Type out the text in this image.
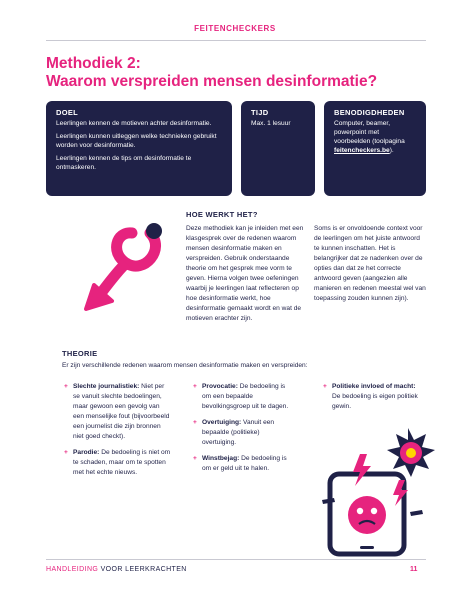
FEITENCHECKERS
Methodiek 2:
Waarom verspreiden mensen desinformatie?
DOEL

Leerlingen kennen de motieven achter desinformatie.

Leerlingen kunnen uitleggen welke technieken gebruikt worden voor desinformatie.

Leerlingen kennen de tips om desinformatie te ontmaskeren.

TIJD

Max. 1 lesuur

BENODIGDHEDEN

Computer, beamer, powerpoint met voorbeelden (toolpagina feitencheckers.be).

HOE WERKT HET?
Deze methodiek kan je inleiden met een klasgesprek over de redenen waarom mensen desinformatie maken en verspreiden. Gebruik onderstaande theorie om het gesprek mee vorm te geven. Hierna volgen twee oefeningen waarbij je leerlingen laat reflecteren op hoe desinformatie werkt, hoe desinformatie gemaakt wordt en wat de motieven erachter zijn.
Soms is er onvoldoende context voor de leerlingen om het juiste antwoord te kunnen inschatten. Het is belangrijker dat ze nadenken over de opties dan dat ze het correcte antwoord geven (aangezien alle manieren en redenen meestal wel van toepassing zouden kunnen zijn).
THEORIE
Er zijn verschillende redenen waarom mensen desinformatie maken en verspreiden:
+ Slechte journalistiek: Niet per se vanuit slechte bedoelingen, maar gewoon een gevolg van een menselijke fout (bijvoorbeeld een journelist die zijn bronnen niet goed checkt).
+ Parodie: De bedoeling is niet om te schaden, maar om te spotten met het echte nieuws.
+ Provocatie: De bedoeling is om een bepaalde bevolkingsgroep uit te dagen.
+ Overtuiging: Vanuit een bepaalde (politieke) overtuiging.
+ Winstbejag: De bedoeling is om er geld uit te halen.
+ Politieke invloed of macht: De bedoeling is eigen politiek gewin.
HANDLEIDING VOOR LEERKRACHTEN	11
